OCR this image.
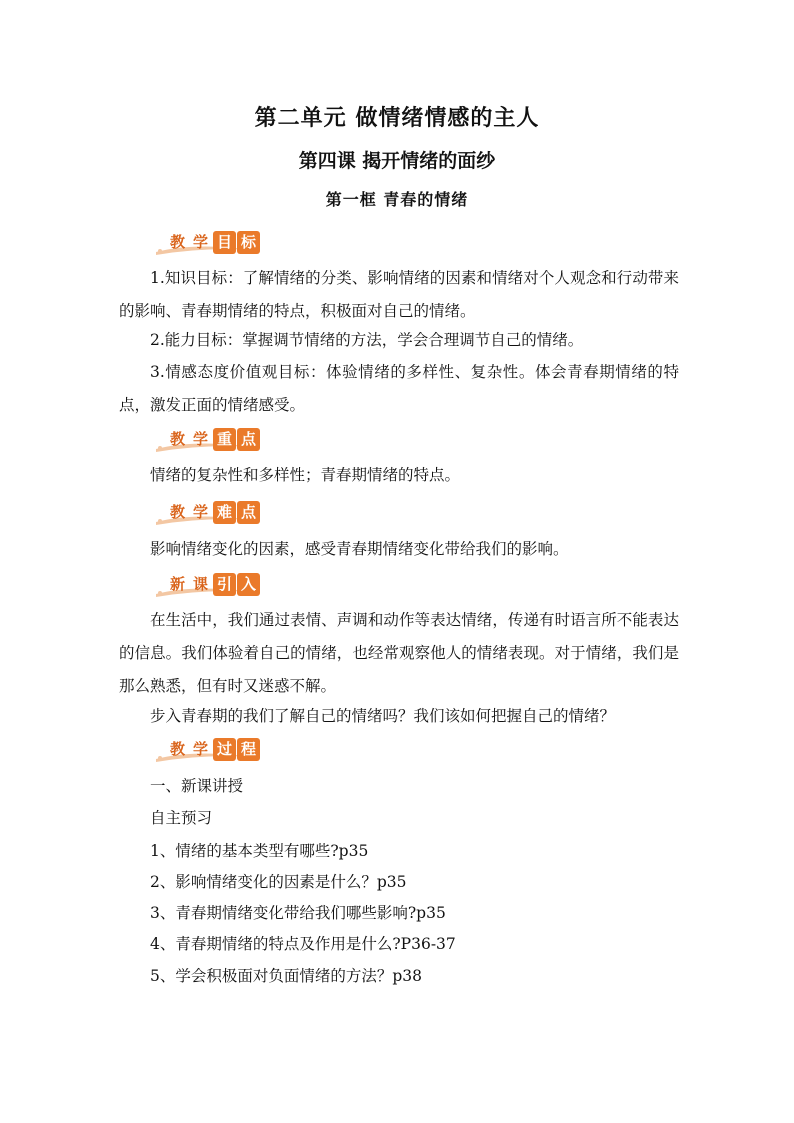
第二单元 做情绪情感的主人
第四课 揭开情绪的面纱
第一框 青春的情绪
教 学 目 标
1.知识目标：了解情绪的分类、影响情绪的因素和情绪对个人观念和行动带来的影响、青春期情绪的特点，积极面对自己的情绪。
2.能力目标：掌握调节情绪的方法，学会合理调节自己的情绪。
3.情感态度价值观目标：体验情绪的多样性、复杂性。体会青春期情绪的特点，激发正面的情绪感受。
教 学 重 点
情绪的复杂性和多样性；青春期情绪的特点。
教 学 难 点
影响情绪变化的因素，感受青春期情绪变化带给我们的影响。
新 课 引 入
在生活中，我们通过表情、声调和动作等表达情绪，传递有时语言所不能表达的信息。我们体验着自己的情绪，也经常观察他人的情绪表现。对于情绪，我们是那么熟悉，但有时又迷惑不解。
步入青春期的我们了解自己的情绪吗？我们该如何把握自己的情绪？
教 学 过 程
一、新课讲授
自主预习
1、情绪的基本类型有哪些?p35
2、影响情绪变化的因素是什么？p35
3、青春期情绪变化带给我们哪些影响?p35
4、青春期情绪的特点及作用是什么?P36-37
5、学会积极面对负面情绪的方法？p38
